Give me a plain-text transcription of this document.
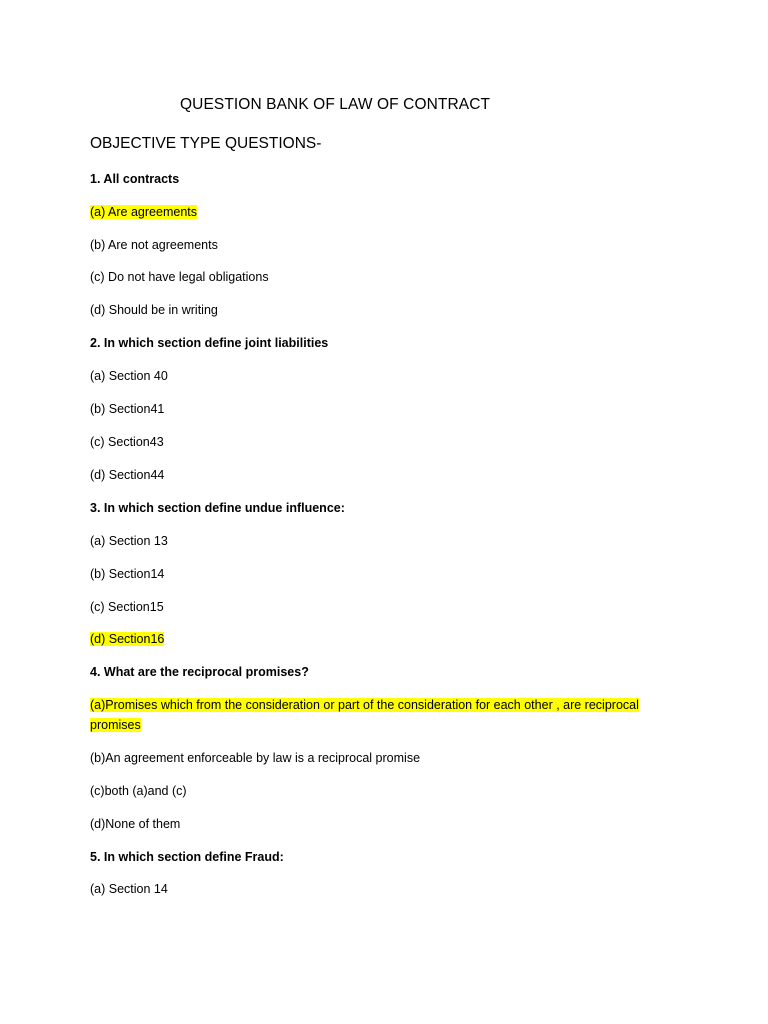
QUESTION BANK OF LAW OF CONTRACT
OBJECTIVE TYPE QUESTIONS-
1. All contracts
(a) Are agreements
(b) Are not agreements
(c) Do not have legal obligations
(d) Should be in writing
2. In which section define joint liabilities
(a) Section 40
(b) Section41
(c) Section43
(d) Section44
3. In which section define undue influence:
(a) Section 13
(b) Section14
(c) Section15
(d) Section16
4. What are the reciprocal promises?
(a)Promises which from the consideration or part of the consideration for each other , are reciprocal
promises
(b)An agreement enforceable by law is a reciprocal promise
(c)both (a)and (c)
(d)None of them
5. In which section define Fraud:
(a) Section 14
